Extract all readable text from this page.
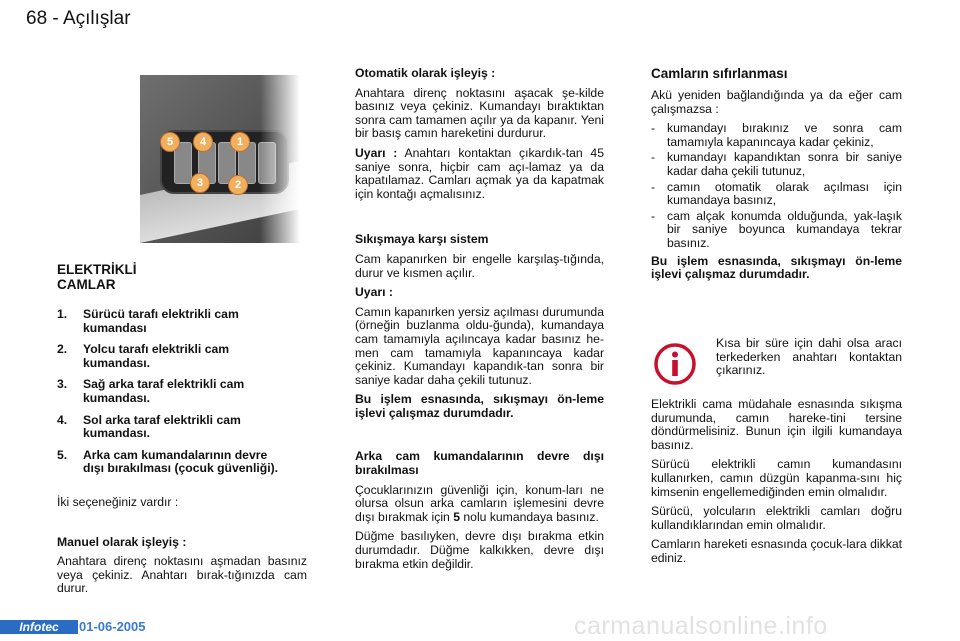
68 - Açılışlar
5	4	1
3	2
ELEKTRİKLİ
CAMLAR
1.	Sürücü tarafı elektrikli cam kumandası
2.	Yolcu tarafı elektrikli cam kumandası.
3.	Sağ arka taraf elektrikli cam kumandası.
4.	Sol arka taraf elektrikli cam kumandası.
5.	Arka cam kumandalarının devre dışı bırakılması (çocuk güvenliği).

İki seçeneğiniz vardır :

Manuel olarak işleyiş :

Anahtara direnç noktasını aşmadan basınız veya çekiniz. Anahtarı bırak-tığınızda cam durur.

Otomatik olarak işleyiş :

Anahtara direnç noktasını aşacak şe-kilde basınız veya çekiniz. Kumandayı bıraktıktan sonra cam tamamen açılır ya da kapanır. Yeni bir basış camın hareketini durdurur.

Uyarı : Anahtarı kontaktan çıkardık-tan 45 saniye sonra, hiçbir cam açı-lamaz ya da kapatılamaz. Camları açmak ya da kapatmak için kontağı açmalısınız.

Sıkışmaya karşı sistem

Cam kapanırken bir engelle karşılaş-tığında, durur ve kısmen açılır.

Uyarı :

Camın kapanırken yersiz açılması durumunda (örneğin buzlanma oldu-ğunda), kumandaya cam tamamıyla açılıncaya kadar basınız he-men cam tamamıyla kapanıncaya kadar çekiniz. Kumandayı kapandık-tan sonra bir saniye kadar daha çekili tutunuz.

Bu işlem esnasında, sıkışmayı ön-leme işlevi çalışmaz durumdadır.

Arka cam kumandalarının devre dışı bırakılması

Çocuklarınızın güvenliği için, konum-ları ne olursa olsun arka camların işlemesini devre dışı bırakmak için 5 nolu kumandaya basınız.

Düğme basılıyken, devre dışı bırakma etkin durumdadır. Düğme kalkıkken, devre dışı bırakma etkin değildir.

Camların sıfırlanması

Akü yeniden bağlandığında ya da eğer cam çalışmazsa :

- kumandayı bırakınız ve sonra cam tamamıyla kapanıncaya kadar çekiniz,
- kumandayı kapandıktan sonra bir saniye kadar daha çekili tutunuz,
- camın otomatik olarak açılması için kumandaya basınız,
- cam alçak konumda olduğunda, yak-laşık bir saniye boyunca kumandaya tekrar basınız.

Bu işlem esnasında, sıkışmayı ön-leme işlevi çalışmaz durumdadır.

Kısa bir süre için dahi olsa aracı terkederken anahtarı kontaktan çıkarınız.

Elektrikli cama müdahale esnasında sıkışma durumunda, camın hareke-tini tersine döndürmelisiniz. Bunun için ilgili kumandaya basınız.

Sürücü elektrikli camın kumandasını kullanırken, camın düzgün kapanma-sını hiç kimsenin engellemediğinden emin olmalıdır.

Sürücü, yolcuların elektrikli camları doğru kullandıklarından emin olmalıdır.

Camların hareketi esnasında çocuk-lara dikkat ediniz.

Infotec	01-06-2005	carmanualsonline.info
